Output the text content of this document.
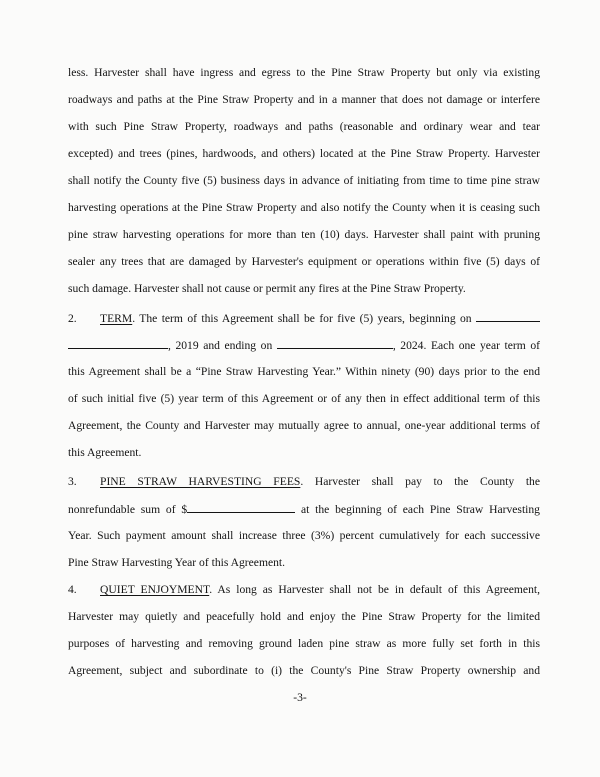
less. Harvester shall have ingress and egress to the Pine Straw Property but only via existing
roadways and paths at the Pine Straw Property and in a manner that does not damage or interfere
with such Pine Straw Property, roadways and paths (reasonable and ordinary wear and tear
excepted) and trees (pines, hardwoods, and others) located at the Pine Straw Property. Harvester
shall notify the County five (5) business days in advance of initiating from time to time pine straw
harvesting operations at the Pine Straw Property and also notify the County when it is ceasing such
pine straw harvesting operations for more than ten (10) days. Harvester shall paint with pruning
sealer any trees that are damaged by Harvester's equipment or operations within five (5) days of
such damage. Harvester shall not cause or permit any fires at the Pine Straw Property.
2. TERM. The term of this Agreement shall be for five (5) years, beginning on
, 2019 and ending on	, 2024. Each one year term of
this Agreement shall be a “Pine Straw Harvesting Year.” Within ninety (90) days prior to the end
of such initial five (5) year term of this Agreement or of any then in effect additional term of this
Agreement, the County and Harvester may mutually agree to annual, one-year additional terms of
this Agreement.
3. PINE STRAW HARVESTING FEES. Harvester shall pay to the County the
nonrefundable sum of $	at the beginning of each Pine Straw Harvesting
Year. Such payment amount shall increase three (3%) percent cumulatively for each successive
Pine Straw Harvesting Year of this Agreement.
4. QUIET ENJOYMENT. As long as Harvester shall not be in default of this Agreement,
Harvester may quietly and peacefully hold and enjoy the Pine Straw Property for the limited
purposes of harvesting and removing ground laden pine straw as more fully set forth in this
Agreement, subject and subordinate to (i) the County's Pine Straw Property ownership and
-3-
